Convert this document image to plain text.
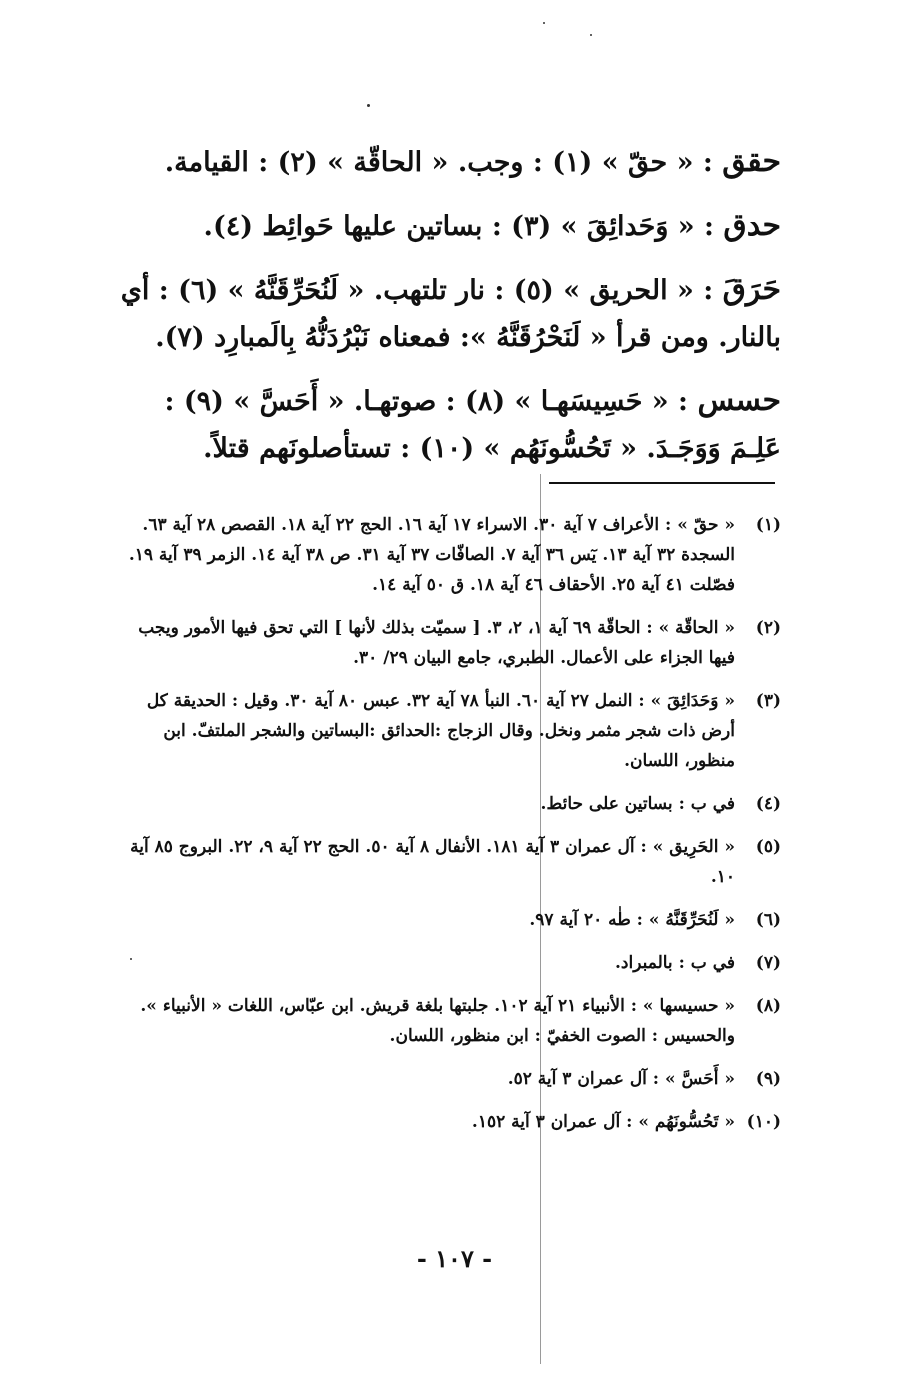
حقق : « حقّ » (١) : وجب. « الحاقّة » (٢) : القيامة.
حدق : « وَحَدائِقَ » (٣) : بساتين عليها حَوائِط (٤).
حَرَقَ : « الحريق » (٥) : نار تلتهب. « لَنُحَرِّقَنَّهُ » (٦) : أي بالنار. ومن قرأ « لَنَحْرُقَنَّهُ »: فمعناه نَبْرُدَنُّهُ بِالَمبارِد (٧).
حسس : « حَسِيسَهـا » (٨) : صوتهـا. « أَحَسَّ » (٩) : عَلِـمَ وَوَجَـدَ. « تَحُسُّونَهُم » (١٠) : تستأصلونَهم قتلاً.
(١)
« حقّ » : الأعراف ٧ آية ٣٠. الاسراء ١٧ آية ١٦. الحج ٢٢ آية ١٨. القصص ٢٨ آية ٦٣. السجدة ٣٢ آية ١٣. يٓس ٣٦ آية ٧. الصافّات ٣٧ آية ٣١. ص ٣٨ آية ١٤. الزمر ٣٩ آية ١٩. فصّلت ٤١ آية ٢٥. الأحقاف ٤٦ آية ١٨. ق ٥٠ آية ١٤.
(٢)
« الحاقّة » : الحاقّة ٦٩ آية ١، ٢، ٣. [ سميّت بذلك لأنها ] التي تحق فيها الأمور ويجب فيها الجزاء على الأعمال. الطبري، جامع البيان ٢٩/ ٣٠.
(٣)
« وَحَدَائِقَ » : النمل ٢٧ آية ٦٠. النبأ ٧٨ آية ٣٢. عبس ٨٠ آية ٣٠. وقيل : الحديقة كل أرض ذات شجر مثمر ونخل. وقال الزجاج :الحدائق :البساتين والشجر الملتفّ. ابن منظور، اللسان.
(٤)
في ب : بساتين على حائط.
(٥)
« الحَرِيق » : آل عمران ٣ آية ١٨١. الأنفال ٨ آية ٥٠. الحج ٢٢ آية ٩، ٢٢. البروج ٨٥ آية ١٠.
(٦)
« لَنُحَرِّقَنَّهُ » : طٰه ٢٠ آية ٩٧.
(٧)
في ب : بالمبراد.
(٨)
« حسيسها » : الأنبياء ٢١ آية ١٠٢. جلبتها بلغة قريش. ابن عبّاس، اللغات « الأنبياء ». والحسيس : الصوت الخفيّ : ابن منظور، اللسان.
(٩)
« أَحَسَّ » : آل عمران ٣ آية ٥٢.
(١٠)
« تَحُسُّونَهُم » : آل عمران ٣ آية ١٥٢.
- ١٠٧ -
